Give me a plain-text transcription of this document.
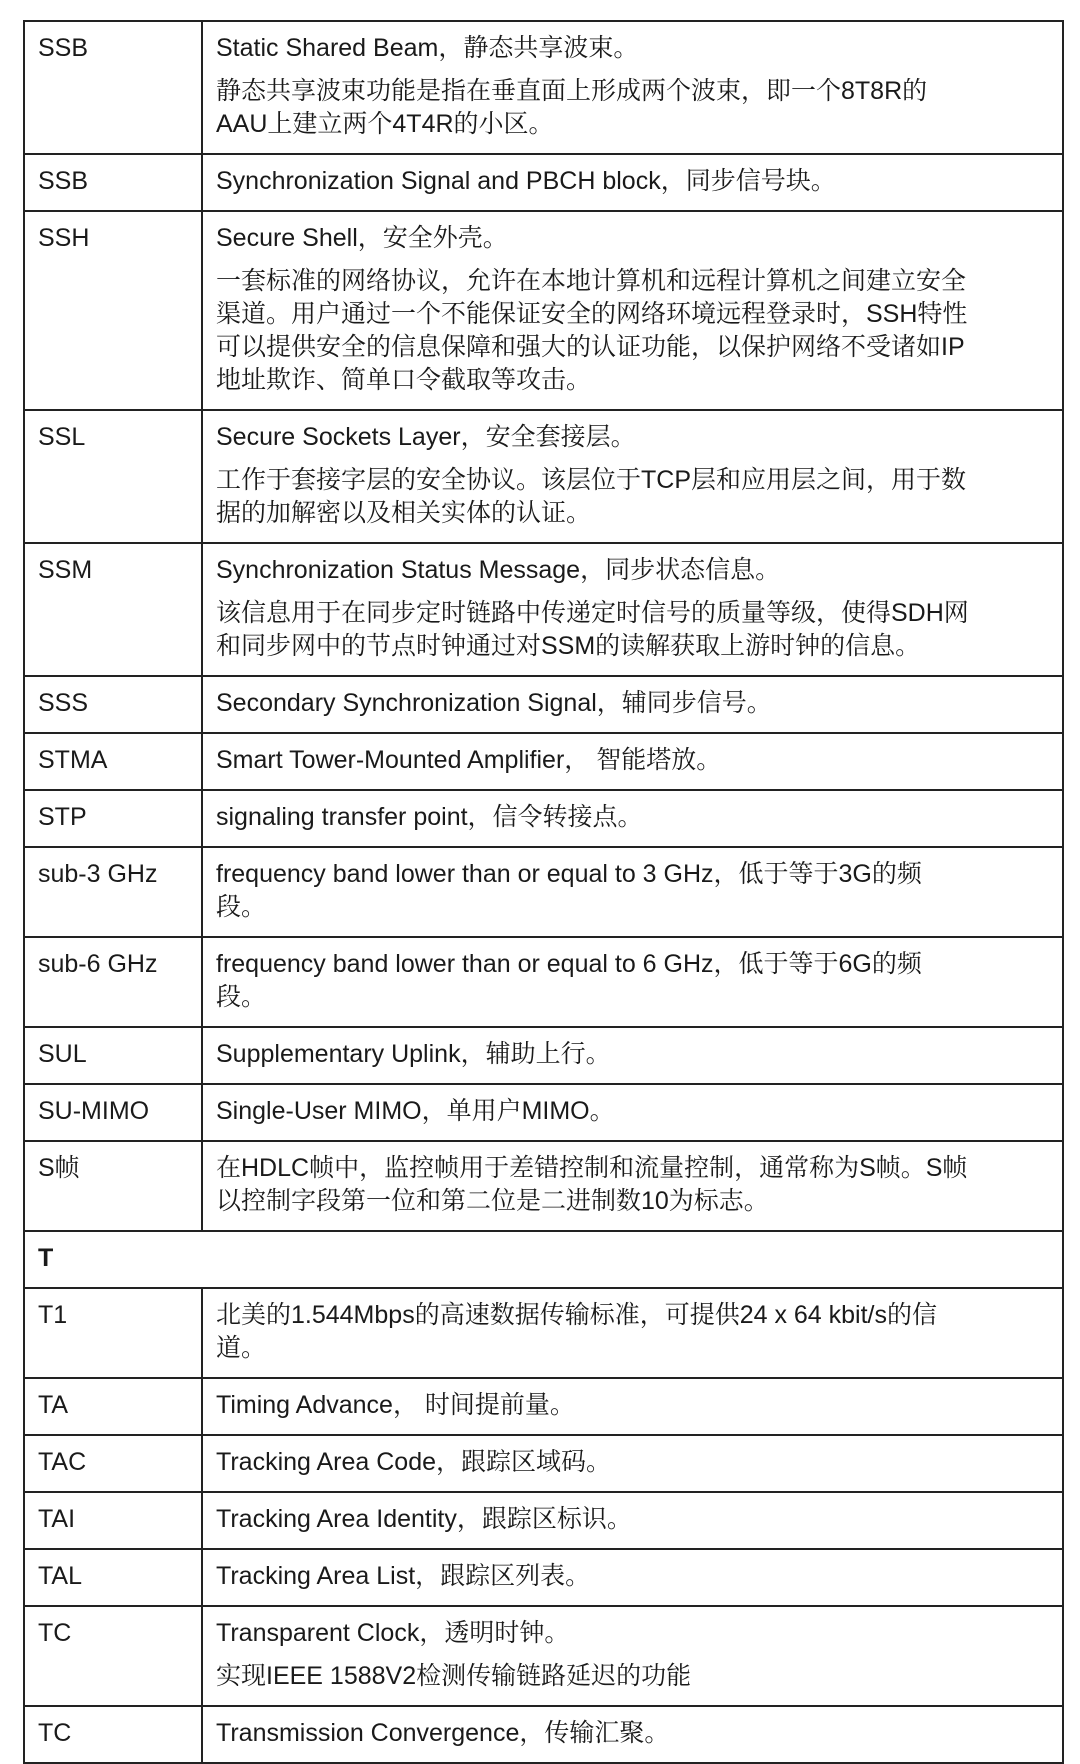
SSB	Static Shared Beam，静态共享波束。
静态共享波束功能是指在垂直面上形成两个波束，即一个8T8R的
AAU上建立两个4T4R的小区。

SSB	Synchronization Signal and PBCH block，同步信号块。

SSH	Secure Shell，安全外壳。
一套标准的网络协议，允许在本地计算机和远程计算机之间建立安全
渠道。用户通过一个不能保证安全的网络环境远程登录时，SSH特性
可以提供安全的信息保障和强大的认证功能，以保护网络不受诸如IP
地址欺诈、简单口令截取等攻击。

SSL	Secure Sockets Layer，安全套接层。
工作于套接字层的安全协议。该层位于TCP层和应用层之间，用于数
据的加解密以及相关实体的认证。

SSM	Synchronization Status Message，同步状态信息。
该信息用于在同步定时链路中传递定时信号的质量等级，使得SDH网
和同步网中的节点时钟通过对SSM的读解获取上游时钟的信息。

SSS	Secondary Synchronization Signal，辅同步信号。

STMA	Smart Tower-Mounted Amplifier， 智能塔放。

STP	signaling transfer point，信令转接点。

sub-3 GHz	frequency band lower than or equal to 3 GHz，低于等于3G的频
段。

sub-6 GHz	frequency band lower than or equal to 6 GHz，低于等于6G的频
段。

SUL	Supplementary Uplink，辅助上行。

SU-MIMO	Single-User MIMO，单用户MIMO。

S帧	在HDLC帧中，监控帧用于差错控制和流量控制，通常称为S帧。S帧
以控制字段第一位和第二位是二进制数10为标志。

T	
T1	北美的1.544Mbps的高速数据传输标准，可提供24 x 64 kbit/s的信
道。

TA	Timing Advance， 时间提前量。

TAC	Tracking Area Code，跟踪区域码。

TAI	Tracking Area Identity，跟踪区标识。

TAL	Tracking Area List，跟踪区列表。

TC	Transparent Clock，透明时钟。
实现IEEE 1588V2检测传输链路延迟的功能

TC	Transmission Convergence，传输汇聚。
